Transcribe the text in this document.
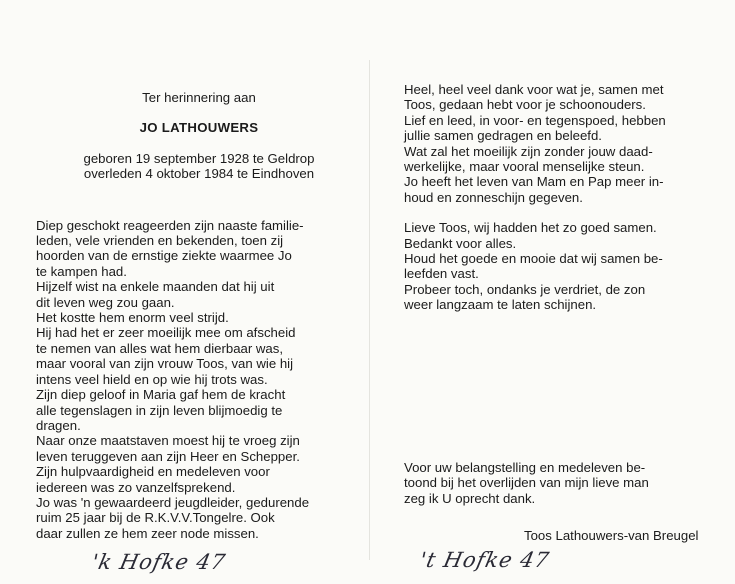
Ter herinnering aan
JO LATHOUWERS
geboren 19 september 1928 te Geldrop
overleden 4 oktober 1984 te Eindhoven
Diep geschokt reageerden zijn naaste familie-
leden, vele vrienden en bekenden, toen zij
hoorden van de ernstige ziekte waarmee Jo
te kampen had.
Hijzelf wist na enkele maanden dat hij uit
dit leven weg zou gaan.
Het kostte hem enorm veel strijd.
Hij had het er zeer moeilijk mee om afscheid
te nemen van alles wat hem dierbaar was,
maar vooral van zijn vrouw Toos, van wie hij
intens veel hield en op wie hij trots was.
Zijn diep geloof in Maria gaf hem de kracht
alle tegenslagen in zijn leven blijmoedig te
dragen.
Naar onze maatstaven moest hij te vroeg zijn
leven teruggeven aan zijn Heer en Schepper.
Zijn hulpvaardigheid en medeleven voor
iedereen was zo vanzelfsprekend.
Jo was 'n gewaardeerd jeugdleider, gedurende
ruim 25 jaar bij de R.K.V.V.Tongelre. Ook
daar zullen ze hem zeer node missen.
Heel, heel veel dank voor wat je, samen met
Toos, gedaan hebt voor je schoonouders.
Lief en leed, in voor- en tegenspoed, hebben
jullie samen gedragen en beleefd.
Wat zal het moeilijk zijn zonder jouw daad-
werkelijke, maar vooral menselijke steun.
Jo heeft het leven van Mam en Pap meer in-
houd en zonneschijn gegeven.
Lieve Toos, wij hadden het zo goed samen.
Bedankt voor alles.
Houd het goede en mooie dat wij samen be-
leefden vast.
Probeer toch, ondanks je verdriet, de zon
weer langzaam te laten schijnen.
Voor uw belangstelling en medeleven be-
toond bij het overlijden van mijn lieve man
zeg ik U oprecht dank.
Toos Lathouwers-van Breugel
'k Hofke 47	't Hofke 47
